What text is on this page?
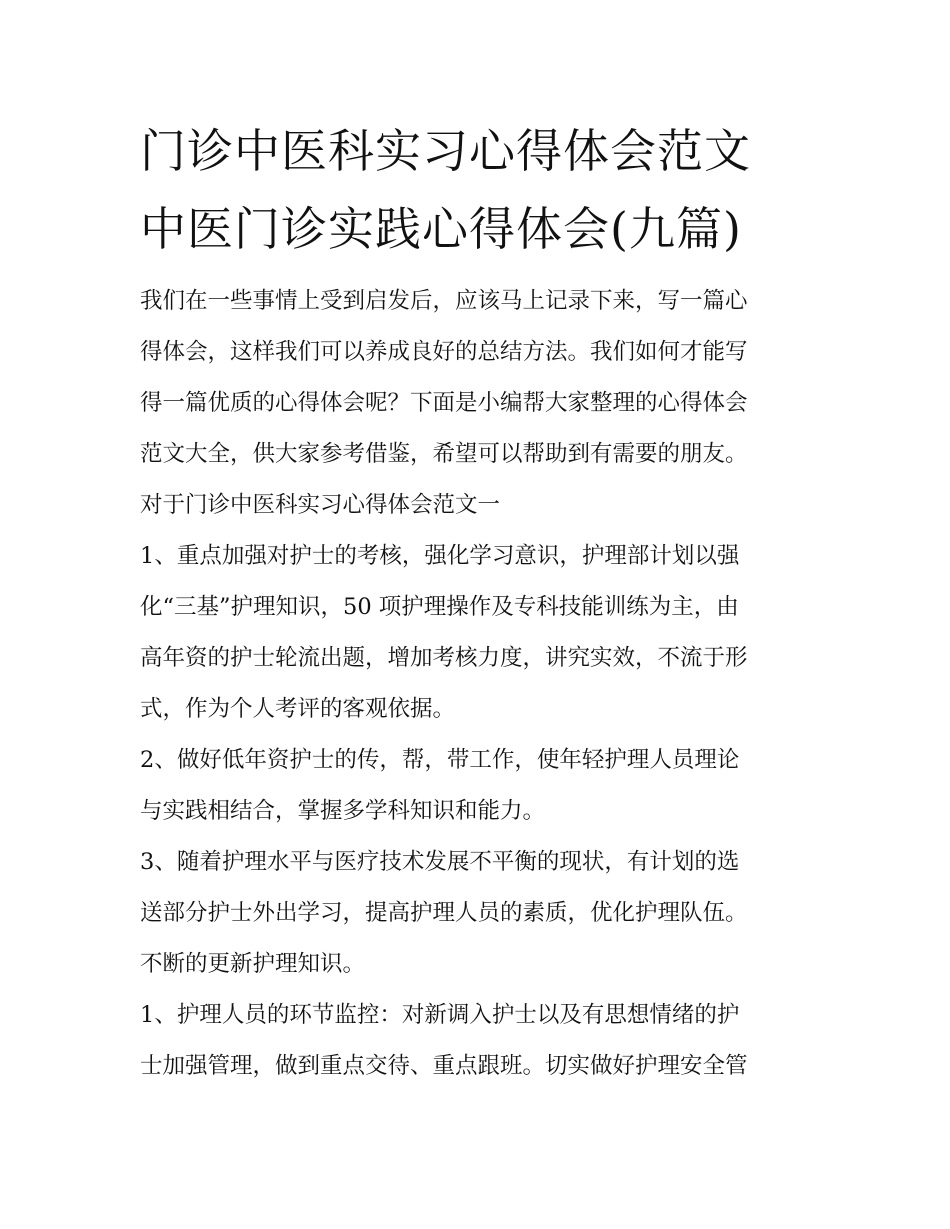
门诊中医科实习心得体会范文
中医门诊实践心得体会(九篇)
我们在一些事情上受到启发后，应该马上记录下来，写一篇心
得体会，这样我们可以养成良好的总结方法。我们如何才能写
得一篇优质的心得体会呢？下面是小编帮大家整理的心得体会
范文大全，供大家参考借鉴，希望可以帮助到有需要的朋友。
对于门诊中医科实习心得体会范文一
1、重点加强对护士的考核，强化学习意识，护理部计划以强
化“三基”护理知识，50 项护理操作及专科技能训练为主，由
高年资的护士轮流出题，增加考核力度，讲究实效，不流于形
式，作为个人考评的客观依据。
2、做好低年资护士的传，帮，带工作，使年轻护理人员理论
与实践相结合，掌握多学科知识和能力。
3、随着护理水平与医疗技术发展不平衡的现状，有计划的选
送部分护士外出学习，提高护理人员的素质，优化护理队伍。
不断的更新护理知识。
1、护理人员的环节监控：对新调入护士以及有思想情绪的护
士加强管理，做到重点交待、重点跟班。切实做好护理安全管
